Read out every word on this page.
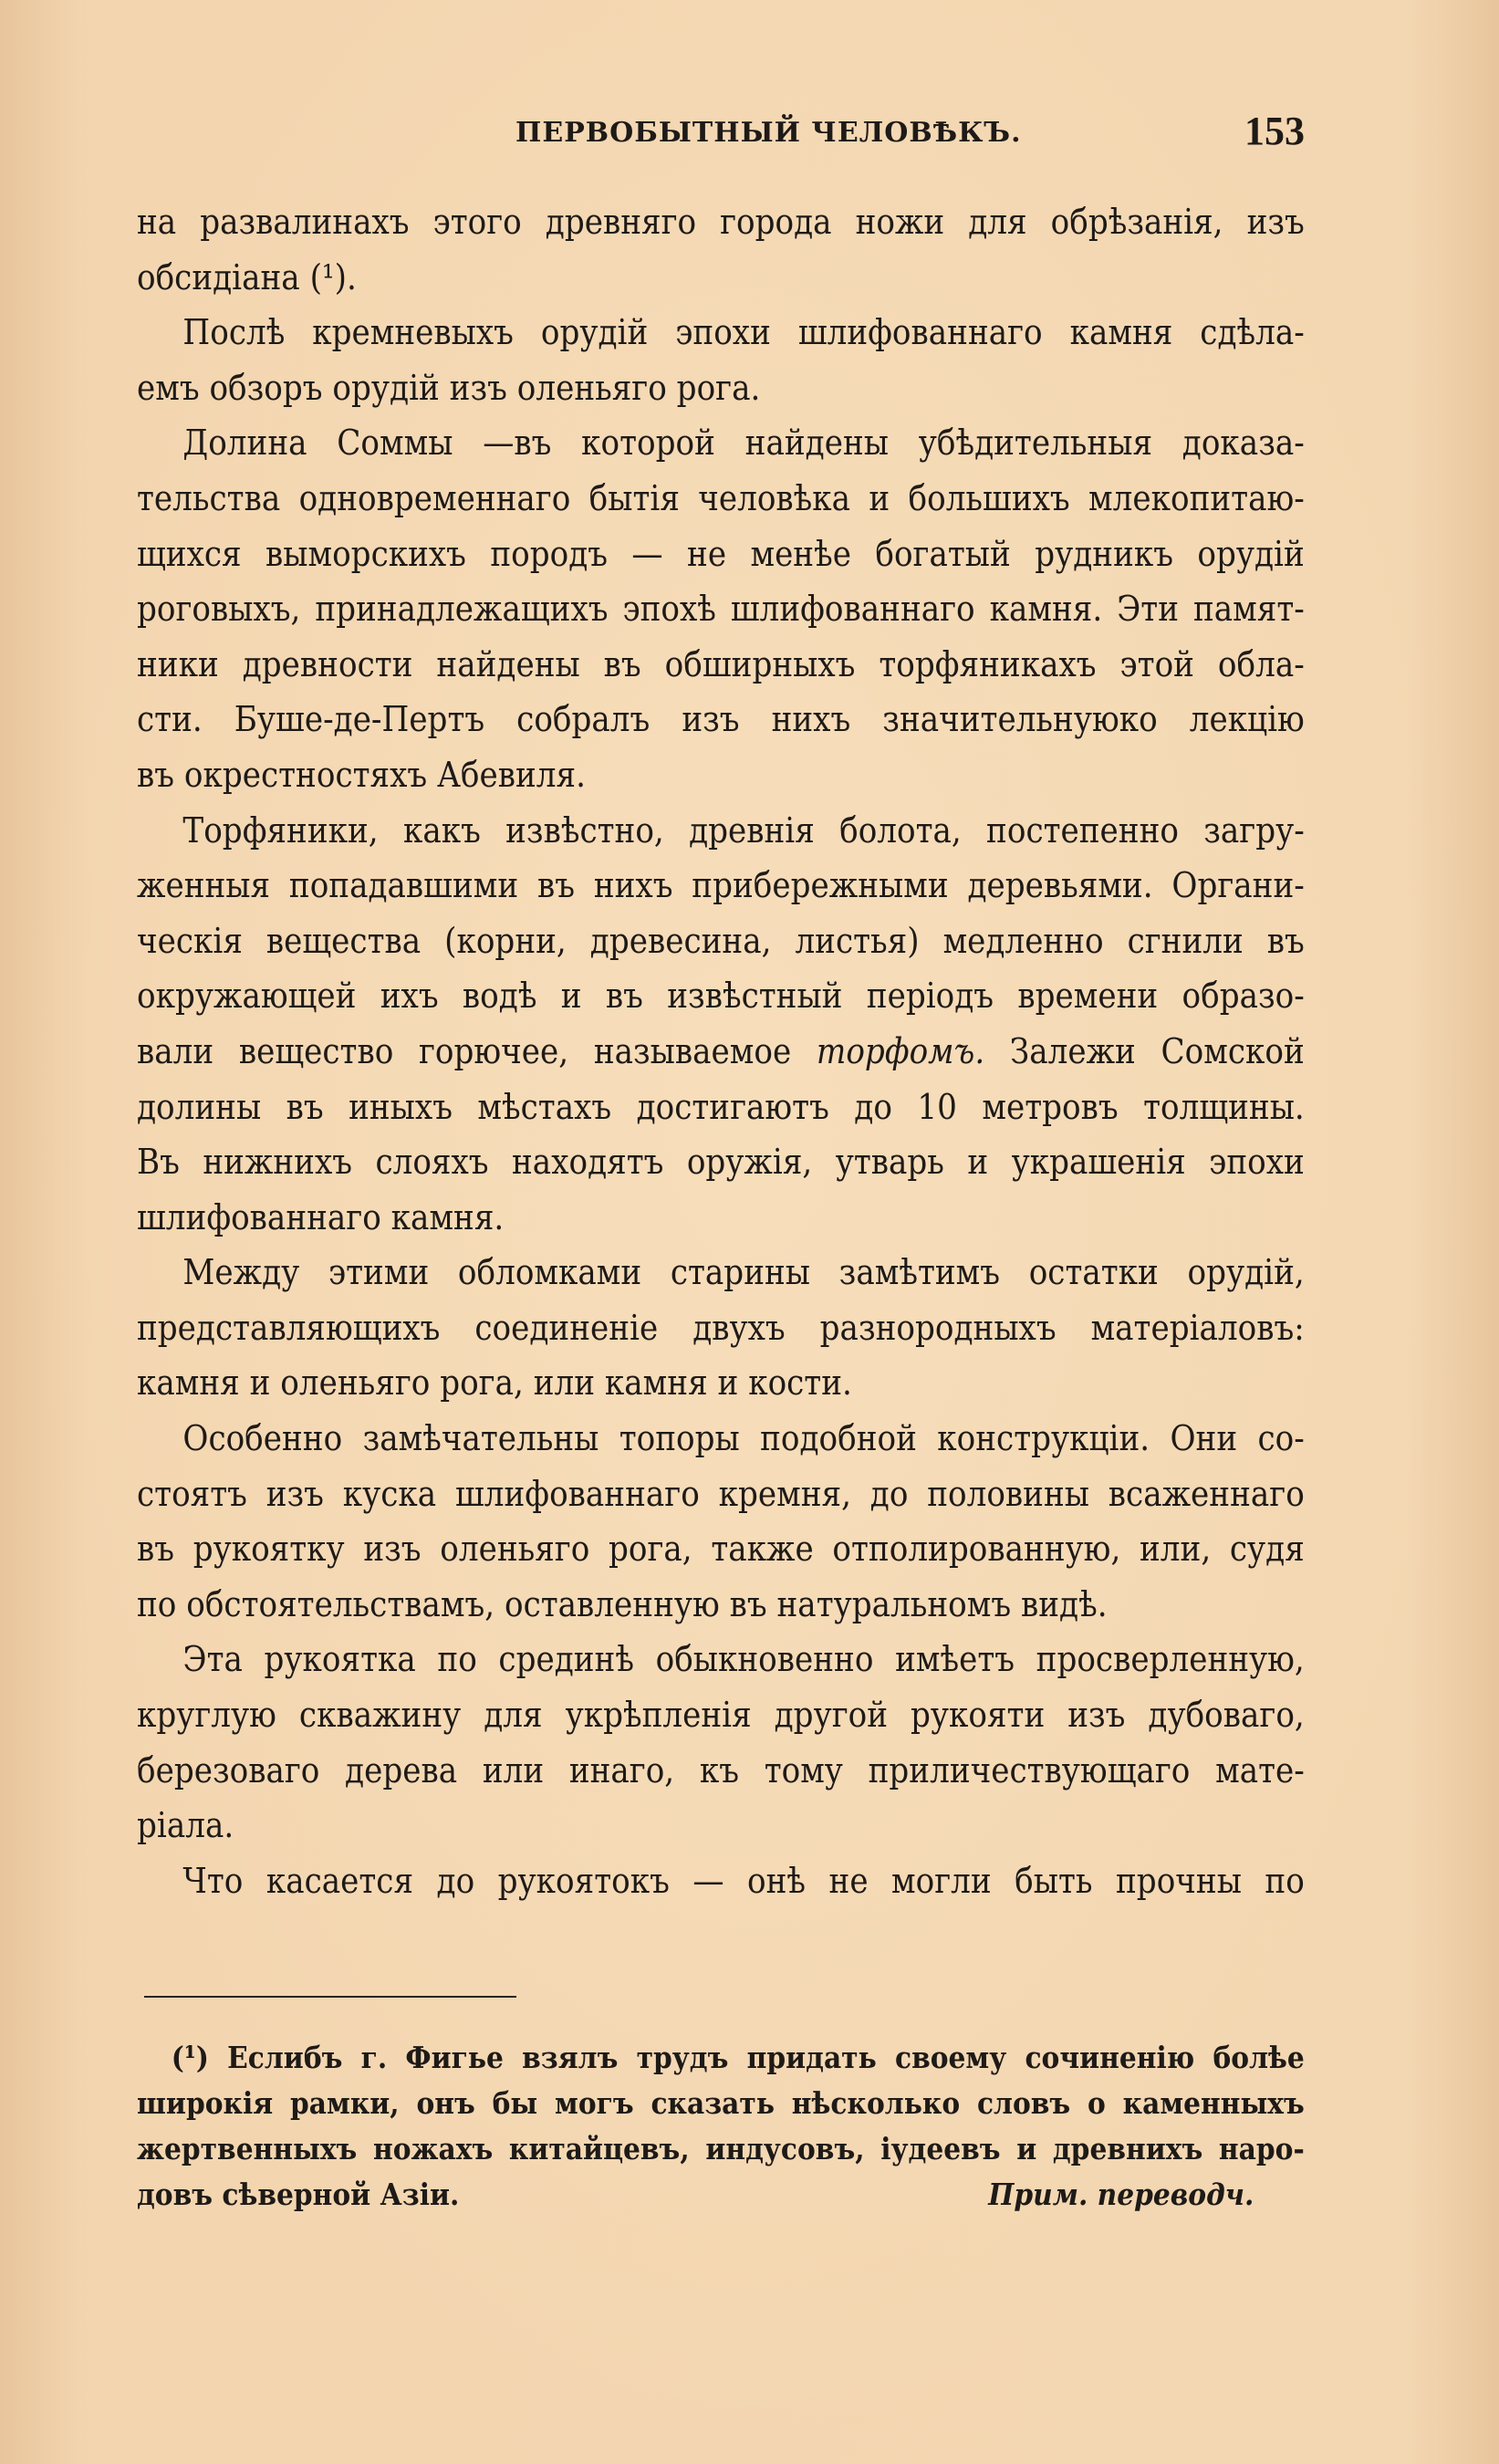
ПЕРВОБЫТНЫЙ ЧЕЛОВѢКЪ.	153
на развалинахъ этого древняго города ножи для обрѣзанія, изъ
обсидіана (¹).
Послѣ кремневыхъ орудій эпохи шлифованнаго камня сдѣла-
емъ обзоръ орудій изъ оленьяго рога.
Долина Соммы —въ которой найдены убѣдительныя доказа-
тельства одновременнаго бытія человѣка и большихъ млекопитаю-
щихся выморскихъ породъ — не менѣе богатый рудникъ орудій
роговыхъ, принадлежащихъ эпохѣ шлифованнаго камня. Эти памят-
ники древности найдены въ обширныхъ торфяникахъ этой обла-
сти. Буше-де-Пертъ собралъ изъ нихъ значительнуюко лекцію
въ окрестностяхъ Абевиля.
Торфяники, какъ извѣстно, древнія болота, постепенно загру-
женныя попадавшими въ нихъ прибережными деревьями. Органи-
ческія вещества (корни, древесина, листья) медленно сгнили въ
окружающей ихъ водѣ и въ извѣстный періодъ времени образо-
вали вещество горючее, называемое торфомъ. Залежи Сомской
долины въ иныхъ мѣстахъ достигаютъ до 10 метровъ толщины.
Въ нижнихъ слояхъ находятъ оружія, утварь и украшенія эпохи
шлифованнаго камня.
Между этими обломками старины замѣтимъ остатки орудій,
представляющихъ соединеніе двухъ разнородныхъ матеріаловъ:
камня и оленьяго рога, или камня и кости.
Особенно замѣчательны топоры подобной конструкціи. Они со-
стоятъ изъ куска шлифованнаго кремня, до половины всаженнаго
въ рукоятку изъ оленьяго рога, также отполированную, или, судя
по обстоятельствамъ, оставленную въ натуральномъ видѣ.
Эта рукоятка по срединѣ обыкновенно имѣетъ просверленную,
круглую скважину для укрѣпленія другой рукояти изъ дубоваго,
березоваго дерева или инаго, къ тому приличествующаго мате-
ріала.
Что касается до рукоятокъ — онѣ не могли быть прочны по
(¹) Еслибъ г. Фигье взялъ трудъ придать своему сочиненію болѣе
широкія рамки, онъ бы могъ сказать нѣсколько словъ о каменныхъ
жертвенныхъ ножахъ китайцевъ, индусовъ, іудеевъ и древнихъ наро-
довъ сѣверной Азіи.	Прим. переводч.
